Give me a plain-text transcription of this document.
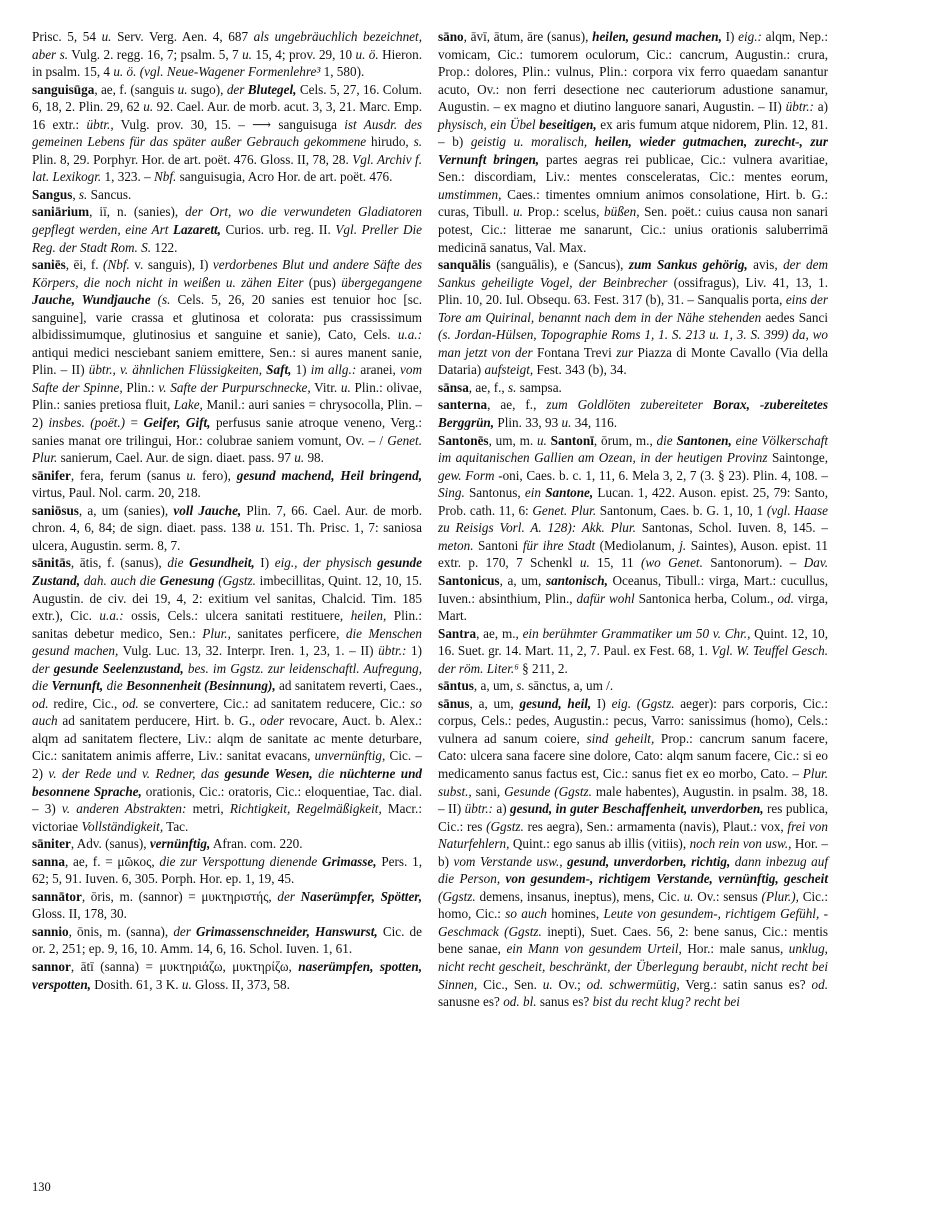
Prisc. 5, 54 u. Serv. Verg. Aen. 4, 687 als ungebräuchlich bezeichnet, aber s. Vulg. 2. regg. 16, 7; psalm. 5, 7 u. 15, 4; prov. 29, 10 u. ö. Hieron. in psalm. 15, 4 u. ö. (vgl. Neue-Wagener Formenlehre³ 1, 580).

sanguisūga, ae, f. (sanguis u. sugo), der Blutegel, Cels. 5, 27, 16. Colum. 6, 18, 2. Plin. 29, 62 u. 92. Cael. Aur. de morb. acut. 3, 3, 21. Marc. Emp. 16 extr.: übtr., Vulg. prov. 30, 15. – ⟶ sanguisuga ist Ausdr. des gemeinen Lebens für das später außer Gebrauch gekommene hirudo, s. Plin. 8, 29. Porphyr. Hor. de art. poët. 476. Gloss. II, 78, 28. Vgl. Archiv f. lat. Lexikogr. 1, 323. – Nbf. sanguisugia, Acro Hor. de art. poët. 476.

Sangus, s. Sancus.

saniārium, iī, n. (sanies), der Ort, wo die verwundeten Gladiatoren gepflegt werden, eine Art Lazarett, Curios. urb. reg. II. Vgl. Preller Die Reg. der Stadt Rom. S. 122.

saniēs, ēi, f. (Nbf. v. sanguis), I) verdorbenes Blut und andere Säfte des Körpers, die noch nicht in weißen u. zähen Eiter (pus) übergegangene Jauche, Wundjauche (s. Cels. 5, 26, 20 sanies est tenuior hoc [sc. sanguine], varie crassa et glutinosa et colorata: pus crassissimum albidissimumque, glutinosius et sanguine et sanie), Cato, Cels. u.a.: antiqui medici nesciebant saniem emittere, Sen.: si aures manent sanie, Plin. – II) übtr., v. ähnlichen Flüssigkeiten, Saft, 1) im allg.: aranei, vom Safte der Spinne, Plin.: v. Safte der Purpurschnecke, Vitr. u. Plin.: olivae, Plin.: sanies pretiosa fluit, Lake, Manil.: auri sanies = chrysocolla, Plin. – 2) insbes. (poët.) = Geifer, Gift, perfusus sanie atroque veneno, Verg.: sanies manat ore trilingui, Hor.: colubrae saniem vomunt, Ov. – / Genet. Plur. sanierum, Cael. Aur. de sign. diaet. pass. 97 u. 98.

sānifer, fera, ferum (sanus u. fero), gesund machend, Heil bringend, virtus, Paul. Nol. carm. 20, 218.

saniōsus, a, um (sanies), voll Jauche, Plin. 7, 66. Cael. Aur. de morb. chron. 4, 6, 84; de sign. diaet. pass. 138 u. 151. Th. Prisc. 1, 7: saniosa ulcera, Augustin. serm. 8, 7.

sānitās, ātis, f. (sanus), die Gesundheit, I) eig., der physisch gesunde Zustand, dah. auch die Genesung (Ggstz. imbecillitas, Quint. 12, 10, 15. Augustin. de civ. dei 19, 4, 2: exitium vel sanitas, Chalcid. Tim. 185 extr.), Cic. u.a.: ossis, Cels.: ulcera sanitati restituere, heilen, Plin.: sanitas debetur medico, Sen.: Plur., sanitates perficere, die Menschen gesund machen, Vulg. Luc. 13, 32. Interpr. Iren. 1, 23, 1. – II) übtr.: 1) der gesunde Seelenzustand, bes. im Ggstz. zur leidenschaftl. Aufregung, die Vernunft, die Besonnenheit (Besinnung), ad sanitatem reverti, Caes., od. redire, Cic., od. se convertere, Cic.: ad sanitatem reducere, Cic.: so auch ad sanitatem perducere, Hirt. b. G., oder revocare, Auct. b. Alex.: alqm ad sanitatem flectere, Liv.: alqm de sanitate ac mente deturbare, Cic.: sanitatem animis afferre, Liv.: sanitat evacans, unvernünftig, Cic. – 2) v. der Rede und v. Redner, das gesunde Wesen, die nüchterne und besonnene Sprache, orationis, Cic.: oratoris, Cic.: eloquentiae, Tac. dial. – 3) v. anderen Abstrakten: metri, Richtigkeit, Regelmäßigkeit, Macr.: victoriae Vollständigkeit, Tac.

sāniter, Adv. (sanus), vernünftig, Afran. com. 220.

sanna, ae, f. = μῶκος, die zur Verspottung dienende Grimasse, Pers. 1, 62; 5, 91. Iuven. 6, 305. Porph. Hor. ep. 1, 19, 45.

sannātor, ōris, m. (sannor) = μυκτηριστής, der Naserümpfer, Spötter, Gloss. II, 178, 30.

sannio, ōnis, m. (sanna), der Grimassenschneider, Hanswurst, Cic. de or. 2, 251; ep. 9, 16, 10. Amm. 14, 6, 16. Schol. Iuven. 1, 61.

sannor, ātī (sanna) = μυκτηριάζω, μυκτηρίζω, naserümpfen, spotten, verspotten, Dosith. 61, 3 K. u. Gloss. II, 373, 58.

sāno, āvī, ātum, āre (sanus), heilen, gesund machen, I) eig.: alqm, Nep.: vomicam, Cic.: tumorem oculorum, Cic.: cancrum, Augustin.: crura, Prop.: dolores, Plin.: vulnus, Plin.: corpora vix ferro quaedam sanantur acuto, Ov.: non ferri desectione nec cauteriorum adustione sanamur, Augustin. – ex magno et diutino languore sanari, Augustin. – II) übtr.: a) physisch, ein Übel beseitigen, ex aris fumum atque nidorem, Plin. 12, 81. – b) geistig u. moralisch, heilen, wieder gutmachen, zurecht-, zur Vernunft bringen, partes aegras rei publicae, Cic.: vulnera avaritiae, Sen.: discordiam, Liv.: mentes consceleratas, Cic.: mentes eorum, umstimmen, Caes.: timentes omnium animos consolatione, Hirt. b. G.: curas, Tibull. u. Prop.: scelus, büßen, Sen. poët.: cuius causa non sanari potest, Cic.: litterae me sanarunt, Cic.: unius orationis saluberrimā medicinā sanatus, Val. Max.

sanquālis (sanguālis), e (Sancus), zum Sankus gehörig, avis, der dem Sankus geheiligte Vogel, der Beinbrecher (ossifragus), Liv. 41, 13, 1. Plin. 10, 20. Iul. Obsequ. 63. Fest. 317 (b), 31. – Sanqualis porta, eins der Tore am Quirinal, benannt nach dem in der Nähe stehenden aedes Sanci (s. Jordan-Hülsen, Topographie Roms 1, 1. S. 213 u. 1, 3. S. 399) da, wo man jetzt von der Fontana Trevi zur Piazza di Monte Cavallo (Via della Dataria) aufsteigt, Fest. 343 (b), 34.

sānsa, ae, f., s. sampsa.

santerna, ae, f., zum Goldlöten zubereiteter Borax, -zubereitetes Berggrün, Plin. 33, 93 u. 34, 116.

Santonēs, um, m. u. Santonī, ōrum, m., die Santonen, eine Völkerschaft im aquitanischen Gallien am Ozean, in der heutigen Provinz Saintonge, gew. Form -oni, Caes. b. c. 1, 11, 6. Mela 3, 2, 7 (3. § 23). Plin. 4, 108. – Sing. Santonus, ein Santone, Lucan. 1, 422. Auson. epist. 25, 79: Santo, Prob. cath. 11, 6: Genet. Plur. Santonum, Caes. b. G. 1, 10, 1 (vgl. Haase zu Reisigs Vorl. A. 128): Akk. Plur. Santonas, Schol. Iuven. 8, 145. – meton. Santoni für ihre Stadt (Mediolanum, j. Saintes), Auson. epist. 11 extr. p. 170, 7 Schenkl u. 15, 11 (wo Genet. Santonorum). – Dav. Santonicus, a, um, santonisch, Oceanus, Tibull.: virga, Mart.: cucullus, Iuven.: absinthium, Plin., dafür wohl Santonica herba, Colum., od. virga, Mart.

Santra, ae, m., ein berühmter Grammatiker um 50 v. Chr., Quint. 12, 10, 16. Suet. gr. 14. Mart. 11, 2, 7. Paul. ex Fest. 68, 1. Vgl. W. Teuffel Gesch. der röm. Liter.⁶ § 211, 2.

sāntus, a, um, s. sānctus, a, um /.

sānus, a, um, gesund, heil, I) eig. (Ggstz. aeger): pars corporis, Cic.: corpus, Cels.: pedes, Augustin.: pecus, Varro: sanissimus (homo), Cels.: vulnera ad sanum coiere, sind geheilt, Prop.: cancrum sanum facere, Cato: ulcera sana facere sine dolore, Cato: alqm sanum facere, Cic.: si eo medicamento sanus factus est, Cic.: sanus fiet ex eo morbo, Cato. – Plur. subst., sani, Gesunde (Ggstz. male habentes), Augustin. in psalm. 38, 18. – II) übtr.: a) gesund, in guter Beschaffenheit, unverdorben, res publica, Cic.: res (Ggstz. res aegra), Sen.: armamenta (navis), Plaut.: vox, frei von Naturfehlern, Quint.: ego sanus ab illis (vitiis), noch rein von usw., Hor. – b) vom Verstande usw., gesund, unverdorben, richtig, dann inbezug auf die Person, von gesundem-, richtigem Verstande, vernünftig, gescheit (Ggstz. demens, insanus, ineptus), mens, Cic. u. Ov.: sensus (Plur.), Cic.: homo, Cic.: so auch homines, Leute von gesundem-, richtigem Gefühl, -Geschmack (Ggstz. inepti), Suet. Caes. 56, 2: bene sanus, Cic.: mentis bene sanae, ein Mann von gesundem Urteil, Hor.: male sanus, unklug, nicht recht gescheit, beschränkt, der Überlegung beraubt, nicht recht bei Sinnen, Cic., Sen. u. Ov.; od. schwermütig, Verg.: satin sanus es? od. sanusne es? od. bl. sanus es? bist du recht klug? recht bei

130
